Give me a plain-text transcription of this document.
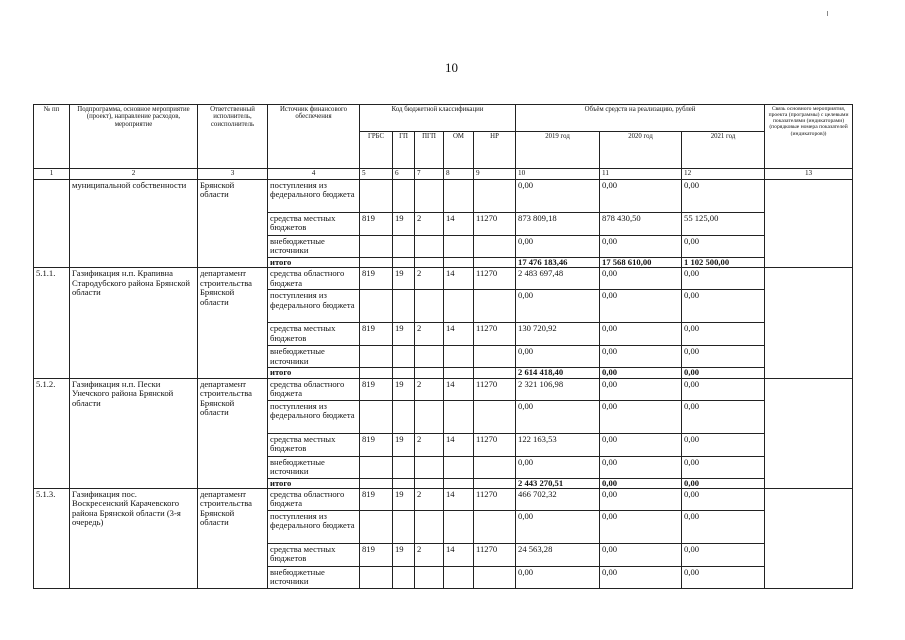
10
№ пп	Подпрограмма, основное мероприятие (проект), направление расходов, мероприятие	Ответственный исполнитель, соисполнитель	Источник финансового обеспечения	Код бюджетной классификации					Объём средств на реализацию, рублей			Связь основного мероприятия, проекта (программы) с целевыми показателями (индикаторами) (порядковые номера показателей (индикаторов))
				ГРБС	ГП	ПГП	ОМ	НР	2019 год	2020 год	2021 год	
1	2	3	4	5	6	7	8	9	10	11	12	13
	муниципальной собственности	Брянской области	поступления из федерального бюджета						0,00	0,00	0,00	
			средства местных бюджетов	819	19	2	14	11270	873 809,18	878 430,50	55 125,00	
			внебюджетные источники						0,00	0,00	0,00	
			итого						17 476 183,46	17 568 610,00	1 102 500,00	
5.1.1.	Газификация н.п. Крапивна Стародубского района Брянской области	департамент строительства Брянской области	средства областного бюджета	819	19	2	14	11270	2 483 697,48	0,00	0,00	
			поступления из федерального бюджета						0,00	0,00	0,00	
			средства местных бюджетов	819	19	2	14	11270	130 720,92	0,00	0,00	
			внебюджетные источники						0,00	0,00	0,00	
			итого						2 614 418,40	0,00	0,00	
5.1.2.	Газификация н.п. Пески Унечского района Брянской области	департамент строительства Брянской области	средства областного бюджета	819	19	2	14	11270	2 321 106,98	0,00	0,00	
			поступления из федерального бюджета						0,00	0,00	0,00	
			средства местных бюджетов	819	19	2	14	11270	122 163,53	0,00	0,00	
			внебюджетные источники						0,00	0,00	0,00	
			итого						2 443 270,51	0,00	0,00	
5.1.3.	Газификация пос. Воскресенский Карачевского района Брянской области (3-я очередь)	департамент строительства Брянской области	средства областного бюджета	819	19	2	14	11270	466 702,32	0,00	0,00	
			поступления из федерального бюджета						0,00	0,00	0,00	
			средства местных бюджетов	819	19	2	14	11270	24 563,28	0,00	0,00	
			внебюджетные источники						0,00	0,00	0,00	
